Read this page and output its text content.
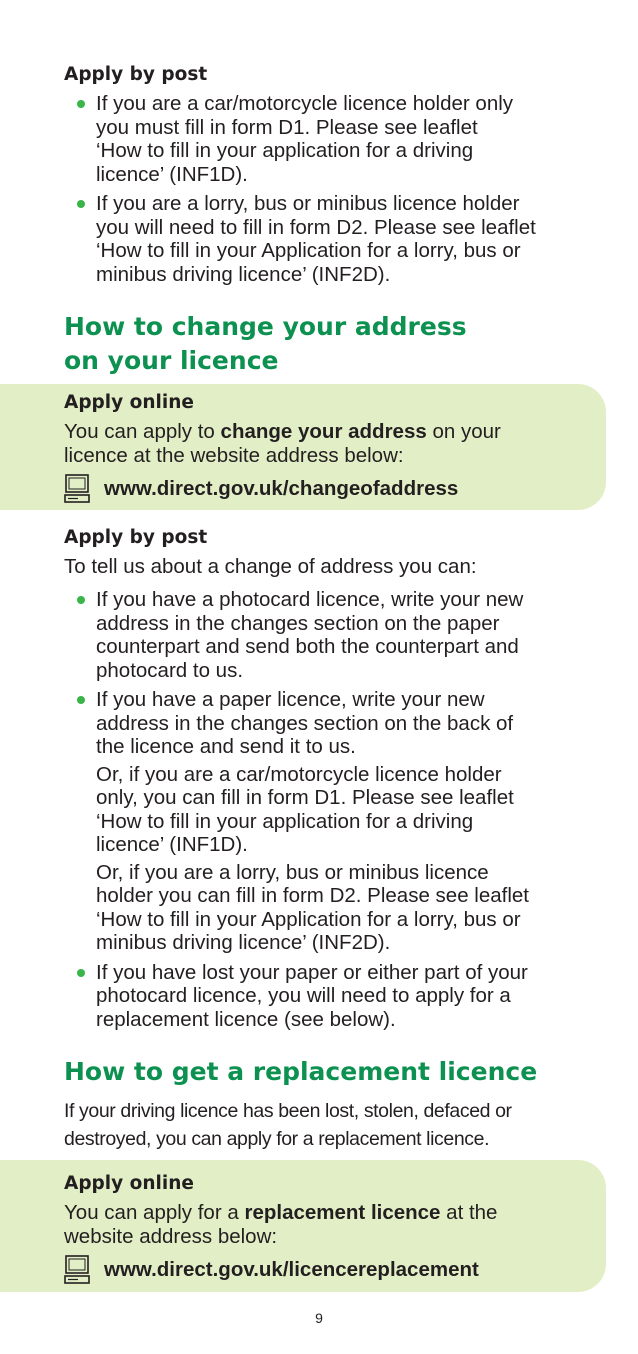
Apply by post
If you are a car/motorcycle licence holder only
you must fill in form D1. Please see leaflet
‘How to fill in your application for a driving
licence’ (INF1D).
If you are a lorry, bus or minibus licence holder
you will need to fill in form D2. Please see leaflet
‘How to fill in your Application for a lorry, bus or
minibus driving licence’ (INF2D).
How to change your address
on your licence
Apply online
You can apply to change your address on your
licence at the website address below:
www.direct.gov.uk/changeofaddress
Apply by post
To tell us about a change of address you can:
If you have a photocard licence, write your new
address in the changes section on the paper
counterpart and send both the counterpart and
photocard to us.
If you have a paper licence, write your new
address in the changes section on the back of
the licence and send it to us.
Or, if you are a car/motorcycle licence holder
only, you can fill in form D1. Please see leaflet
‘How to fill in your application for a driving
licence’ (INF1D).
Or, if you are a lorry, bus or minibus licence
holder you can fill in form D2. Please see leaflet
‘How to fill in your Application for a lorry, bus or
minibus driving licence’ (INF2D).
If you have lost your paper or either part of your
photocard licence, you will need to apply for a
replacement licence (see below).
How to get a replacement licence
If your driving licence has been lost, stolen, defaced or
destroyed, you can apply for a replacement licence.
Apply online
You can apply for a replacement licence at the
website address below:
www.direct.gov.uk/licencereplacement
9
